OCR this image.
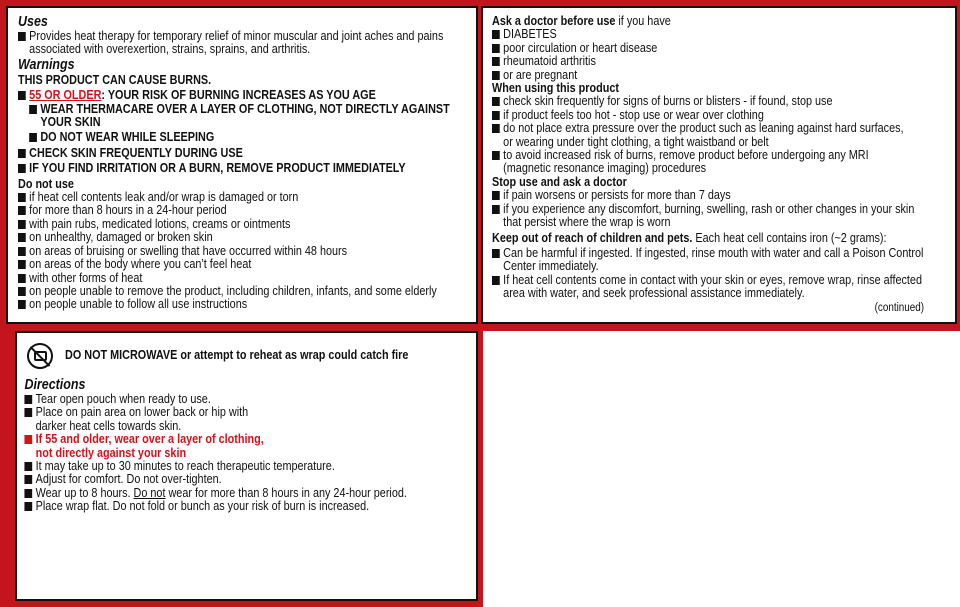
Uses
Provides heat therapy for temporary relief of minor muscular and joint aches and pains
associated with overexertion, strains, sprains, and arthritis.
Warnings
THIS PRODUCT CAN CAUSE BURNS.
55 OR OLDER: YOUR RISK OF BURNING INCREASES AS YOU AGE
WEAR THERMACARE OVER A LAYER OF CLOTHING, NOT DIRECTLY AGAINST
YOUR SKIN
DO NOT WEAR WHILE SLEEPING
CHECK SKIN FREQUENTLY DURING USE
IF YOU FIND IRRITATION OR A BURN, REMOVE PRODUCT IMMEDIATELY
Do not use
if heat cell contents leak and/or wrap is damaged or torn
for more than 8 hours in a 24-hour period
with pain rubs, medicated lotions, creams or ointments
on unhealthy, damaged or broken skin
on areas of bruising or swelling that have occurred within 48 hours
on areas of the body where you can’t feel heat
with other forms of heat
on people unable to remove the product, including children, infants, and some elderly
on people unable to follow all use instructions
Ask a doctor before use if you have
DIABETES
poor circulation or heart disease
rheumatoid arthritis
or are pregnant
When using this product
check skin frequently for signs of burns or blisters - if found, stop use
if product feels too hot - stop use or wear over clothing
do not place extra pressure over the product such as leaning against hard surfaces,
or wearing under tight clothing, a tight waistband or belt
to avoid increased risk of burns, remove product before undergoing any MRI
(magnetic resonance imaging) procedures
Stop use and ask a doctor
if pain worsens or persists for more than 7 days
if you experience any discomfort, burning, swelling, rash or other changes in your skin
that persist where the wrap is worn
Keep out of reach of children and pets. Each heat cell contains iron (~2 grams):
Can be harmful if ingested. If ingested, rinse mouth with water and call a Poison Control
Center immediately.
If heat cell contents come in contact with your skin or eyes, remove wrap, rinse affected
area with water, and seek professional assistance immediately.
(continued)
DO NOT MICROWAVE or attempt to reheat as wrap could catch fire
Directions
Tear open pouch when ready to use.
Place on pain area on lower back or hip with
darker heat cells towards skin.
If 55 and older, wear over a layer of clothing,
not directly against your skin
It may take up to 30 minutes to reach therapeutic temperature.
Adjust for comfort. Do not over-tighten.
Wear up to 8 hours. Do not wear for more than 8 hours in any 24-hour period.
Place wrap flat. Do not fold or bunch as your risk of burn is increased.
